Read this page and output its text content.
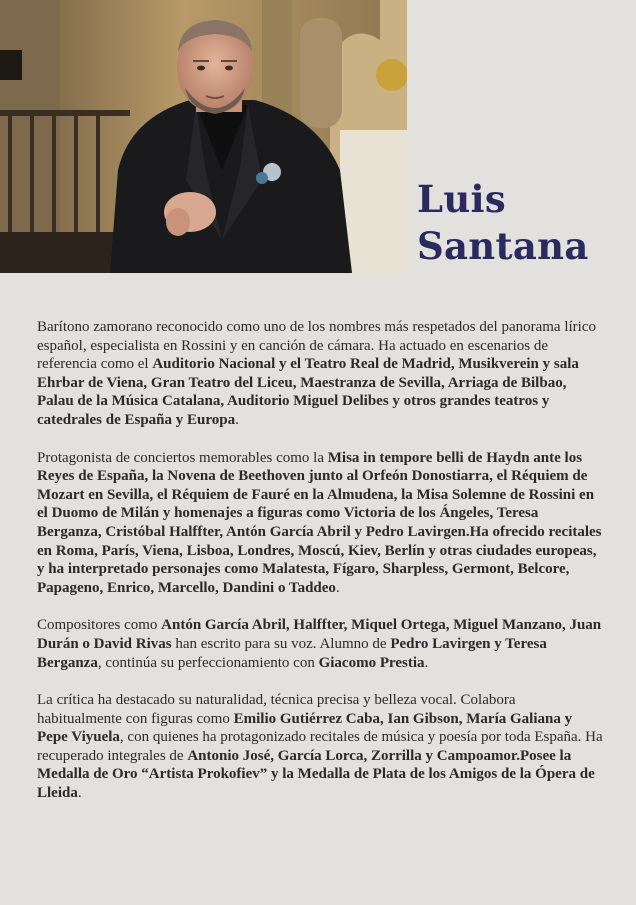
Luis
Santana

Barítono zamorano reconocido como uno de los nombres más respetados del panorama lírico español, especialista en Rossini y en canción de cámara. Ha actuado en escenarios de referencia como el Auditorio Nacional y el Teatro Real de Madrid, Musikverein y sala Ehrbar de Viena, Gran Teatro del Liceu, Maestranza de Sevilla, Arriaga de Bilbao, Palau de la Música Catalana, Auditorio Miguel Delibes y otros grandes teatros y catedrales de España y Europa.

Protagonista de conciertos memorables como la Misa in tempore belli de Haydn ante los Reyes de España, la Novena de Beethoven junto al Orfeón Donostiarra, el Réquiem de Mozart en Sevilla, el Réquiem de Fauré en la Almudena, la Misa Solemne de Rossini en el Duomo de Milán y homenajes a figuras como Victoria de los Ángeles, Teresa Berganza, Cristóbal Halffter, Antón García Abril y Pedro Lavirgen.Ha ofrecido recitales en Roma, París, Viena, Lisboa, Londres, Moscú, Kiev, Berlín y otras ciudades europeas, y ha interpretado personajes como Malatesta, Fígaro, Sharpless, Germont, Belcore, Papageno, Enrico, Marcello, Dandini o Taddeo.

Compositores como Antón García Abril, Halffter, Miquel Ortega, Miguel Manzano, Juan Durán o David Rivas han escrito para su voz. Alumno de Pedro Lavirgen y Teresa Berganza, continúa su perfeccionamiento con Giacomo Prestia.

La crítica ha destacado su naturalidad, técnica precisa y belleza vocal. Colabora habitualmente con figuras como Emilio Gutiérrez Caba, Ian Gibson, María Galiana y Pepe Viyuela, con quienes ha protagonizado recitales de música y poesía por toda España. Ha recuperado integrales de Antonio José, García Lorca, Zorrilla y Campoamor.Posee la Medalla de Oro “Artista Prokofiev” y la Medalla de Plata de los Amigos de la Ópera de Lleida.
